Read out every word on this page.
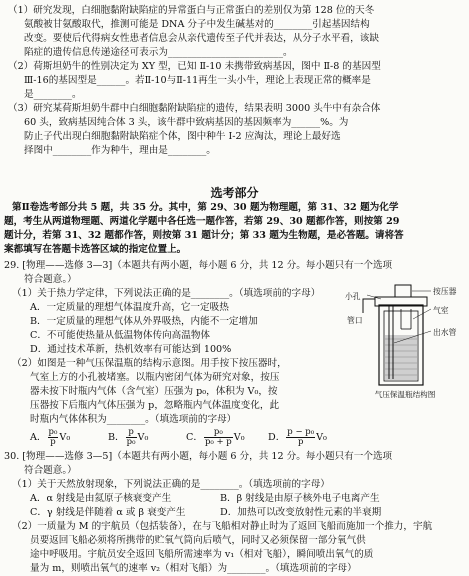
（1）研究发现，白细胞黏附缺陷症的异常蛋白与正常蛋白的差别仅为第 128 位的天冬
氨酸被甘氨酸取代，推测可能是 DNA 分子中发生碱基对的________引起基因结构
改变。要使后代得病女性患者信息会从亲代遗传至子代并表达，从分子水平看，该缺
陷症的遗传信息传递途径可表示为________________________。
（2）荷斯坦奶牛的性别决定为 XY 型，已知 Ⅱ-10 未携带致病基因，图中 Ⅱ-8 的基因型
Ⅲ-16的基因型是______。若Ⅱ-10与Ⅱ-11再生一头小牛，理论上表现正常的概率是
是________。
（3）研究某荷斯坦奶牛群中白细胞黏附缺陷症的遗传，结果表明 3000 头牛中有杂合体
60 头，致病基因纯合体 3 头，该牛群中致病基因的基因频率为______%。为
防止子代出现白细胞黏附缺陷症个体，图中种牛 Ⅰ-2 应淘汰，理论上最好选
择图中________作为种牛，理由是________。
选考部分
第Ⅱ卷选考部分共 5 题，共 35 分。其中，第 29、30 题为物理题，第 31、32 题为化学
题，考生从两道物理题、两道化学题中各任选一题作答，若第 29、30 题都作答，则按第 29
题计分，若第 31、32 题都作答，则按第 31 题计分；第 33 题为生物题，是必答题。请将答
案都填写在答题卡选答区域的指定位置上。
29. [物理——选修 3—3]（本题共有两小题，每小题 6 分，共 12 分。每小题只有一个选项
符合题意。）
（1）关于热力学定律，下列说法正确的是________。（填选项前的字母）
A．一定质量的理想气体温度升高，它一定吸热
B．一定质量的理想气体从外界吸热，内能不一定增加
C．不可能使热量从低温物体传向高温物体
D．通过技术革新，热机效率有可能达到 100%
（2）如图是一种气压保温瓶的结构示意图。用手按下按压器时，
气室上方的小孔被堵塞。以瓶内密闭气体为研究对象，按压
器未按下时瓶内气体（含气室）压强为 p₀，体积为 V₀，按
压器按下后瓶内气体压强为 p，忽略瓶内气体温度变化，此
时瓶内气体体积为________。（填选项前的字母）
A． $\frac{\text{p₀}}{p} V_0$	B． $\frac{p}{\text{p₀}} V_0$	C． $\frac{\text{p₀}}{\text{p₀ + p}} V_0$ D． $\frac{\text{p − p₀}}{p} V_0$
按压器
小孔
气室
出水管
管口
气压保温瓶结构图
30. [物理——选修 3—5]（本题共有两小题，每小题 6 分，共 12 分。每小题只有一个选项
符合题意。）
（1）关于天然放射现象，下列说法正确的是________。（填选项前的字母）
A．α 射线是由氦原子核衰变产生	B．β 射线是由原子核外电子电离产生
C．γ 射线是伴随着 α 或 β 衰变产生	D．加热可以改变放射性元素的半衰期
（2）一质量为 M 的宇航员（包括装备），在与飞船相对静止时为了返回飞船而施加一个推力，宇航
员要返回飞船必须将所携带的贮氧气筒向后喷气，同时又必须保留一部分氧气供
途中呼吸用。宇航员安全返回飞船所需速率为 v₁（相对飞船），瞬间喷出氧气的质
量为 m，则喷出氧气的速率 v₂（相对飞船）为________。（填选项前的字母）
